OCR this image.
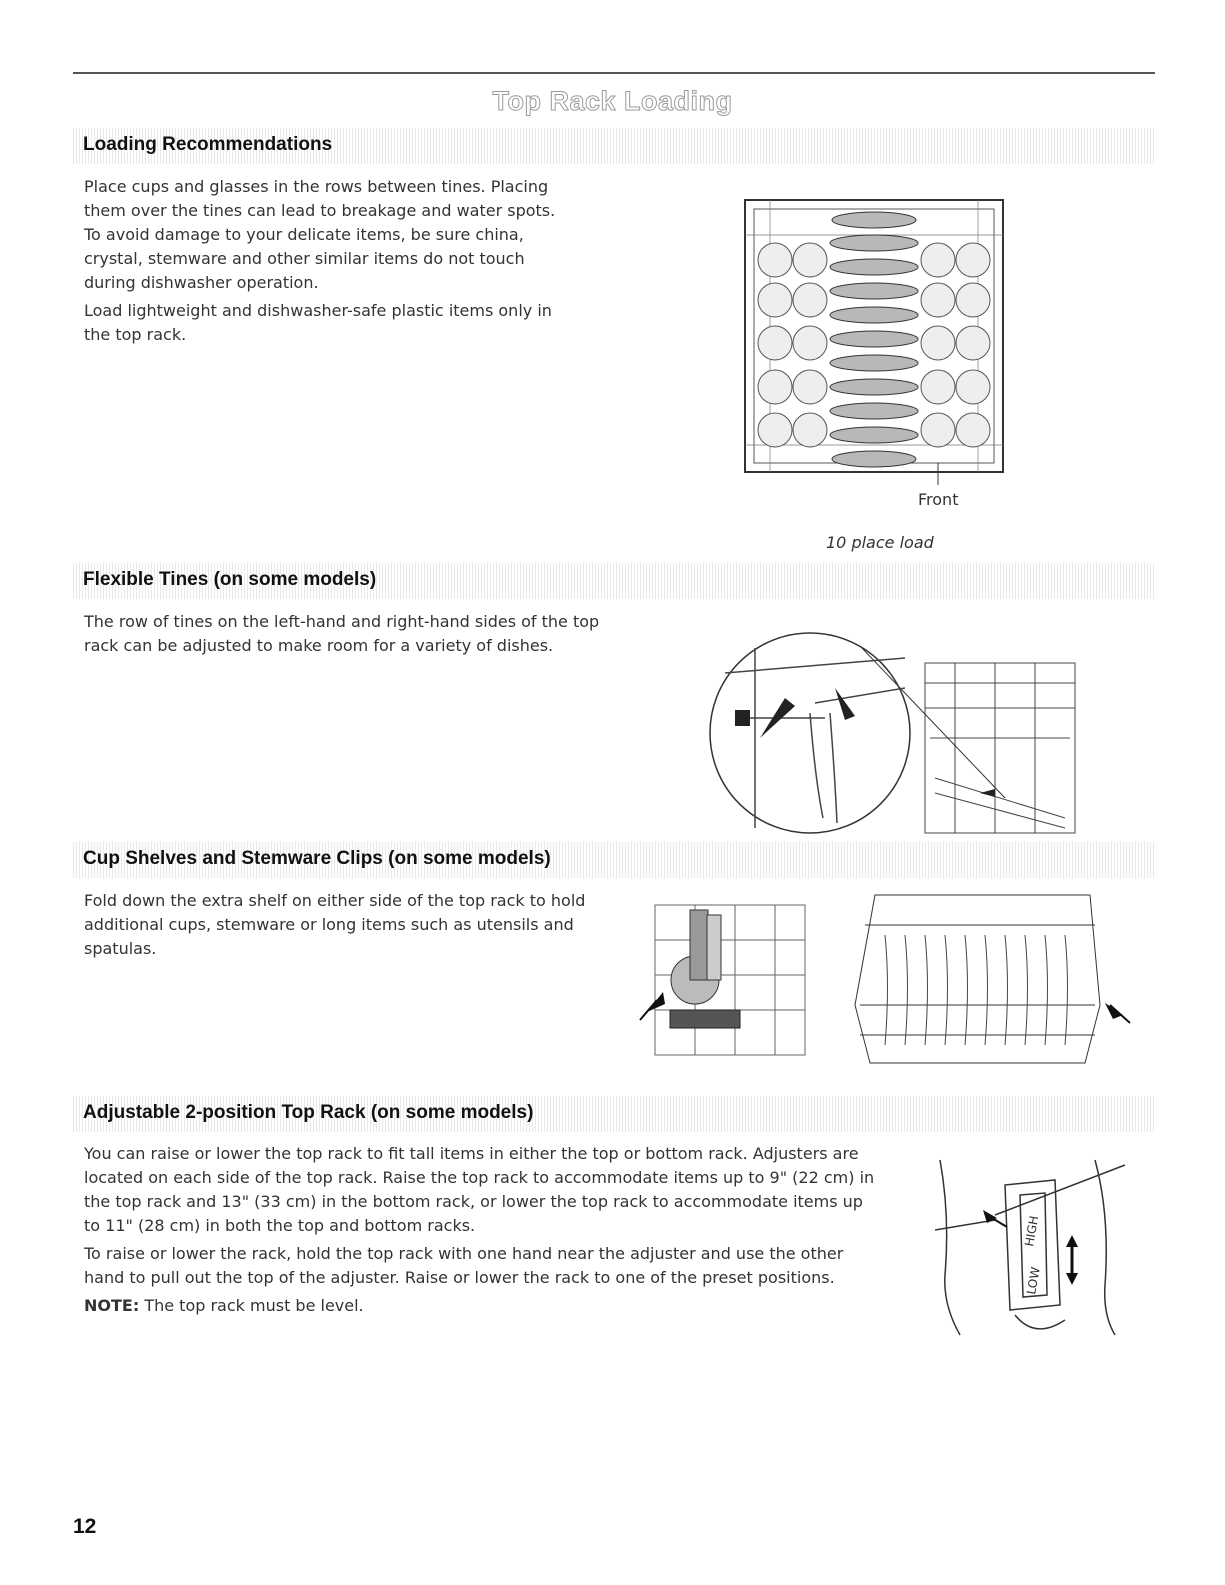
Top Rack Loading
Loading Recommendations

Place cups and glasses in the rows between tines. Placing them over the tines can lead to breakage and water spots. To avoid damage to your delicate items, be sure china, crystal, stemware and other similar items do not touch during dishwasher operation.

Load lightweight and dishwasher-safe plastic items only in the top rack.

Front
10 place load
Flexible Tines (on some models)

The row of tines on the left-hand and right-hand sides of the top rack can be adjusted to make room for a variety of dishes.

Cup Shelves and Stemware Clips (on some models)

Fold down the extra shelf on either side of the top rack to hold additional cups, stemware or long items such as utensils and spatulas.

Adjustable 2-position Top Rack (on some models)

You can raise or lower the top rack to fit tall items in either the top or bottom rack. Adjusters are located on each side of the top rack. Raise the top rack to accommodate items up to 9" (22 cm) in the top rack and 13" (33 cm) in the bottom rack, or lower the top rack to accommodate items up to 11" (28 cm) in both the top and bottom racks.

To raise or lower the rack, hold the top rack with one hand near the adjuster and use the other hand to pull out the top of the adjuster. Raise or lower the rack to one of the preset positions.

NOTE: The top rack must be level.

HIGH
LOW
12
